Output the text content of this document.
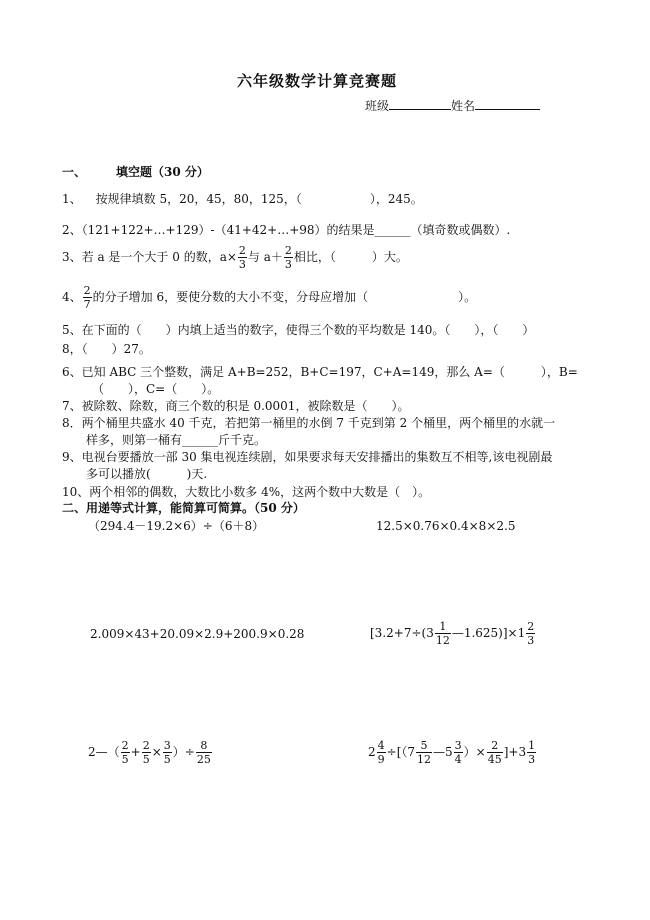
六年级数学计算竞赛题
班级	姓名
一、	填空题（30 分）
1、 按规律填数 5，20，45，80，125，（	），245。
2、（121+122+…+129）-（41+42+…+98）的结果是______（填奇数或偶数）.
3、若 a 是一个大于 0 的数，$a\times \frac{2}{3}$ 与 $a+ \frac{2}{3}$ 相比，（　　　）大。
4、 $\frac{2}{7}$ 的分子增加 6，要使分数的大小不变，分母应增加（	）。
5、在下面的（　　）内填上适当的数字，使得三个数的平均数是 140。（　　），（　　）
8，（　　）27。
6、已知 ABC 三个整数，满足 A+B=252，B+C=197，C+A=149，那么 A=（　　　），B=
（　　），C=（　　）。
7、被除数、除数，商三个数的积是 0.0001，被除数是（　　）。
8．两个桶里共盛水 40 千克，若把第一桶里的水倒 7 千克到第 2 个桶里，两个桶里的水就一
样多，则第一桶有______斤千克。
9、电视台要播放一部 30 集电视连续剧，如果要求每天安排播出的集数互不相等,该电视剧最
多可以播放(　　　)天.
10、两个相邻的偶数，大数比小数多 4%，这两个数中大数是（　）。
二、用递等式计算，能简算可简算。（50 分）
（294.4－19.2×6）÷（6＋8）	12.5×0.76×0.4×8×2.5
2.009×43+20.09×2.9+200.9×0.28	[$3.2+7\div(3 \frac{1}{12}$ —1.625)]×1 $\frac{2}{3}$
2—（ $\frac{2}{5} + \frac{2}{5} \times \frac{3}{5}$ ）÷ $\frac{8}{25}$	$2 \frac{4}{9} \div[(7 \frac{5}{12}$ —5 $\frac{3}{4}$ ）× $\frac{2}{45} ]+3 \frac{1}{3}$
